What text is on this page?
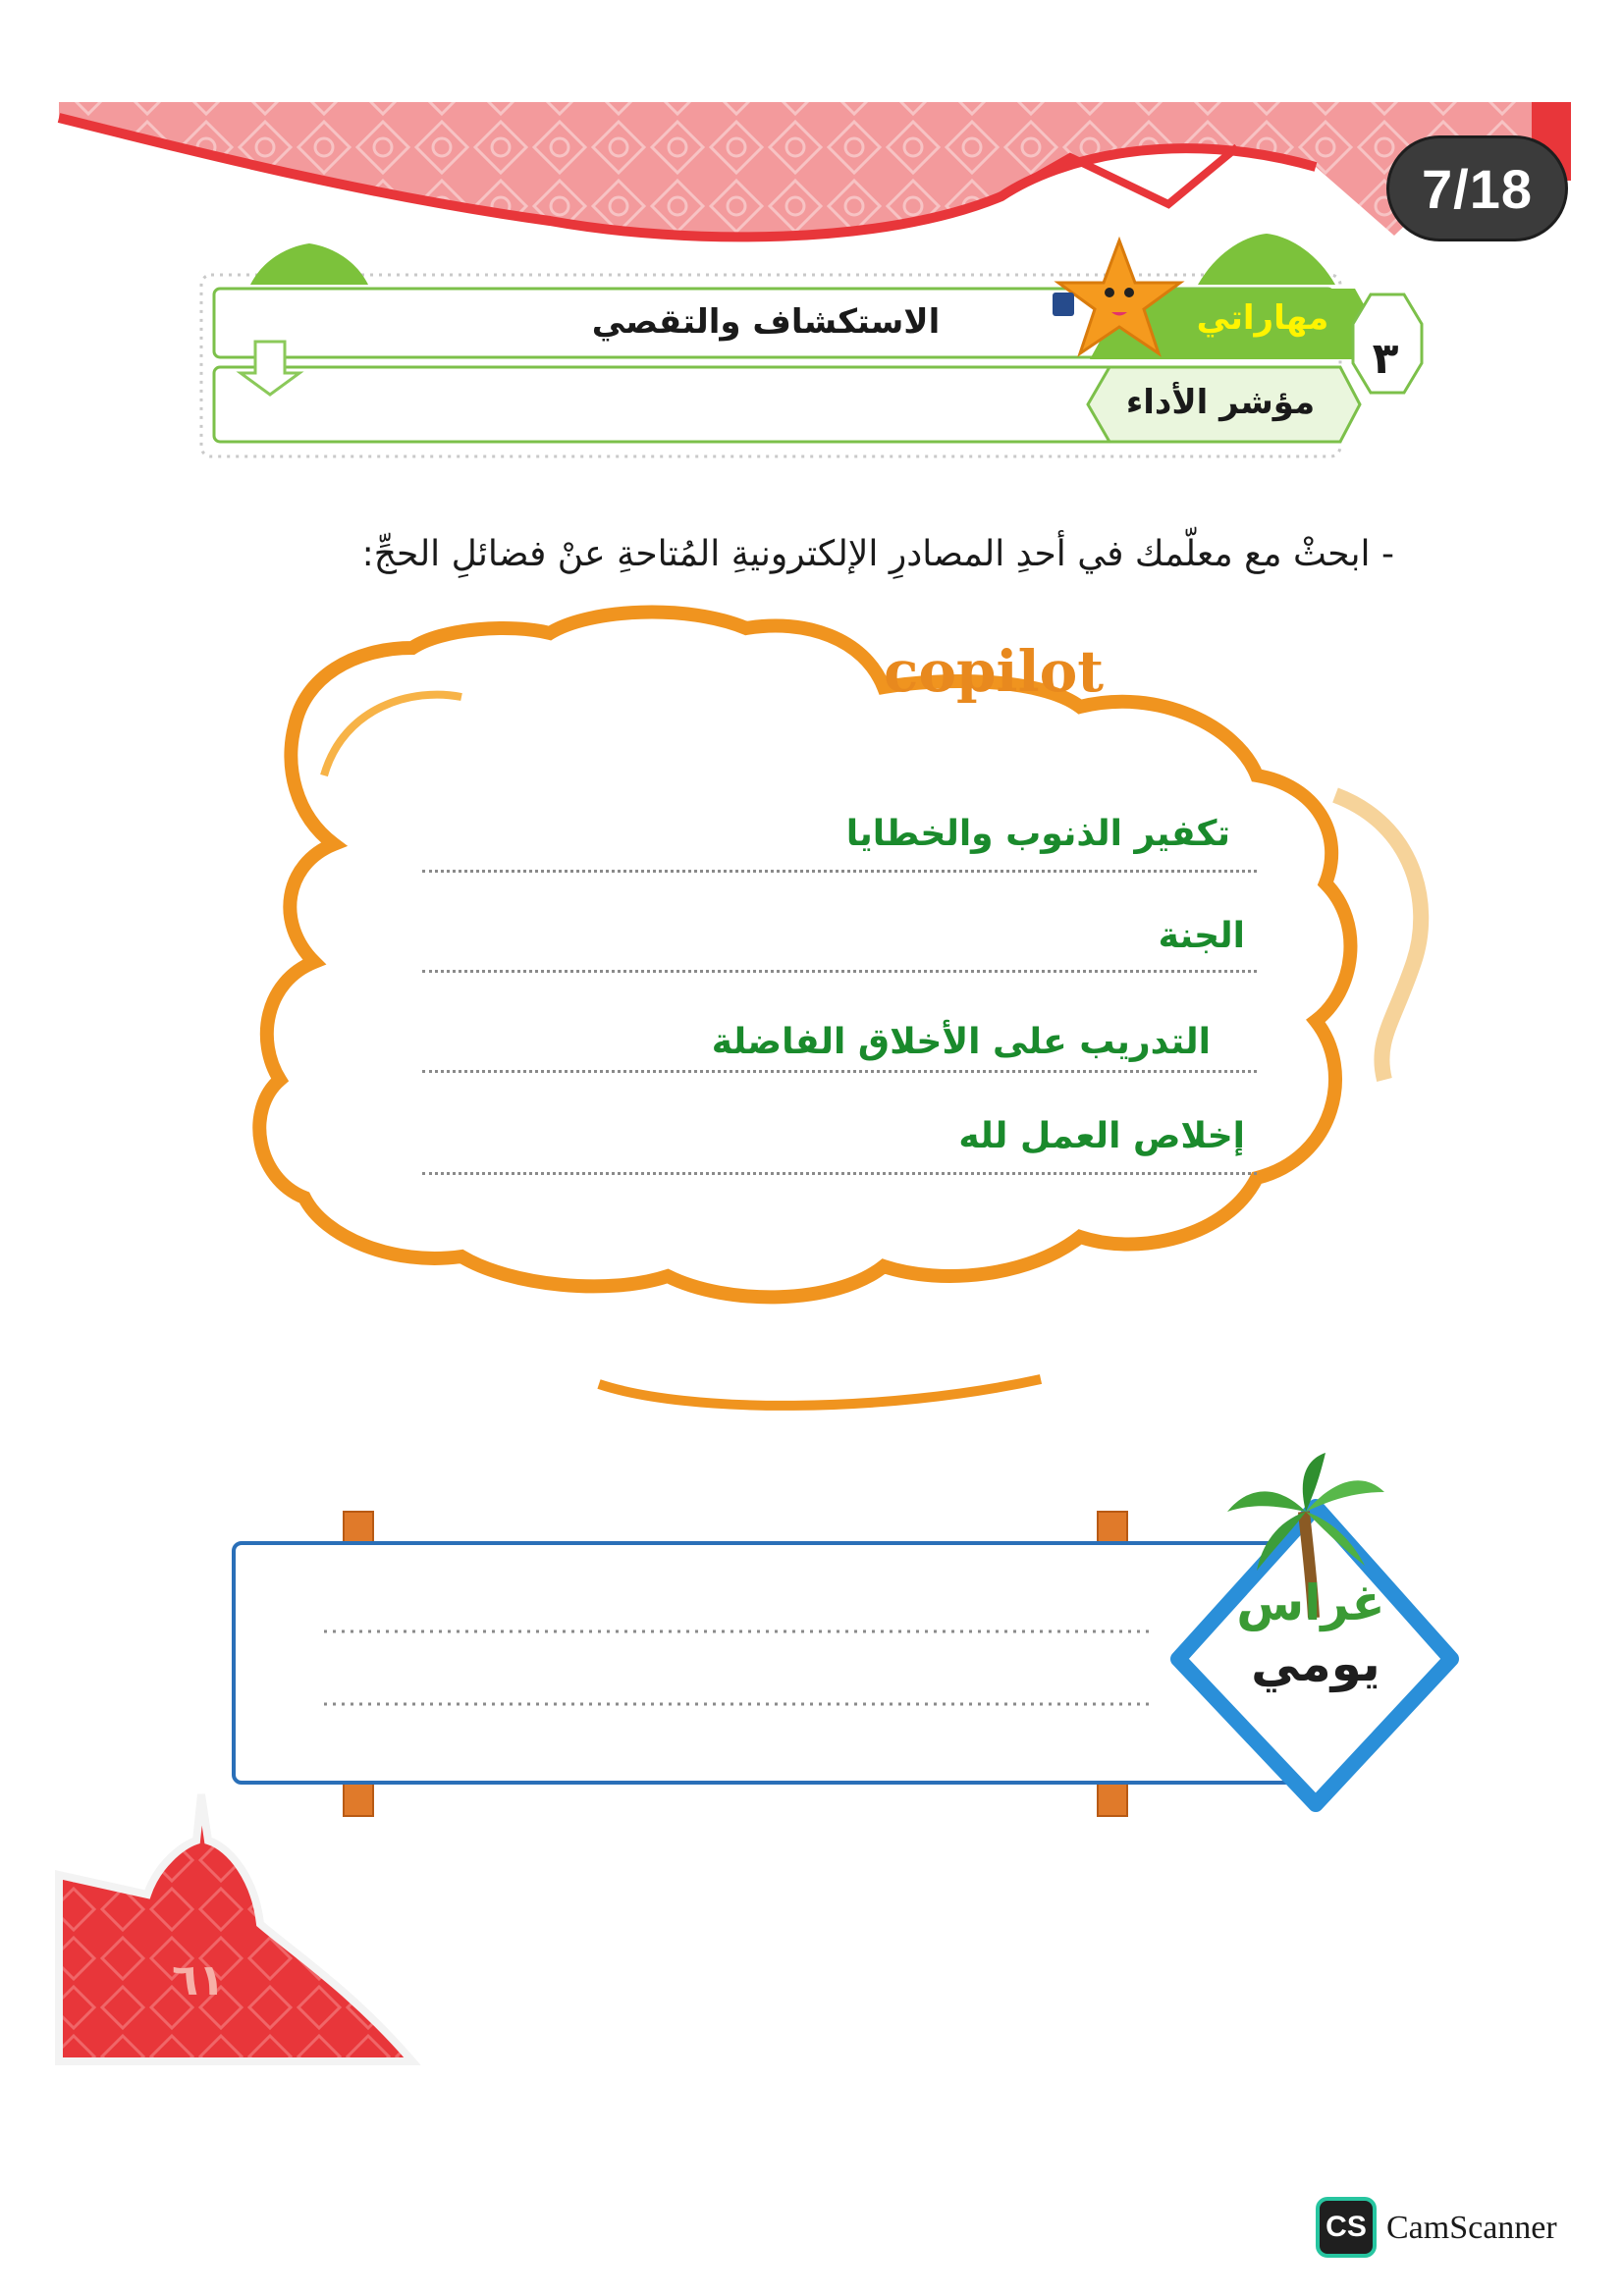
7/18
الاستكشاف والتقصي	مهاراتي
مؤشر الأداء
٣
- ابحثْ مع معلّمك في أحدِ المصادرِ الإلكترونيةِ المُتاحةِ عنْ فضائلِ الحجِّ:
copilot
تكفير الذنوب والخطايا
الجنة
التدريب على الأخلاق الفاضلة
إخلاص العمل لله
غراس
يومي
٦١
CS CamScanner
